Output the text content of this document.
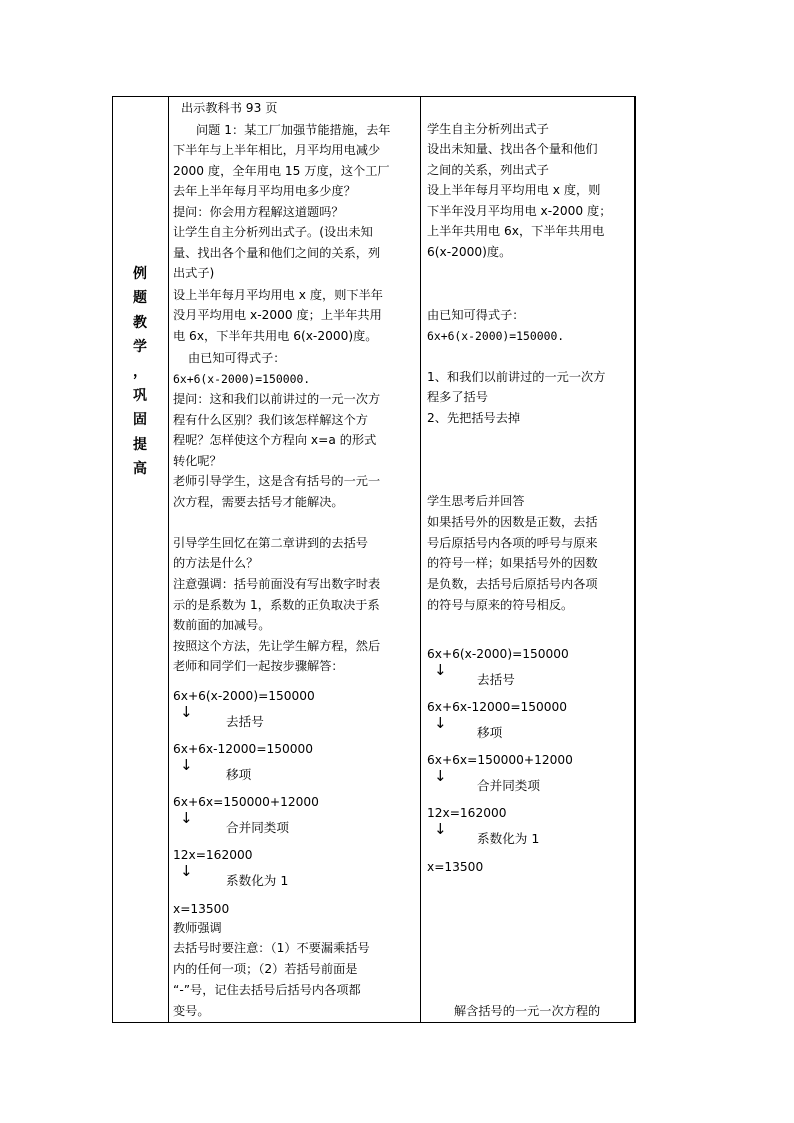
例
题
教
学
，
巩
固
提
高
出示教科书 93 页
问题 1：某工厂加强节能措施，去年
下半年与上半年相比，月平均用电减少
2000 度，全年用电 15 万度，这个工厂
去年上半年每月平均用电多少度？
提问：你会用方程解这道题吗？
让学生自主分析列出式子。(设出未知
量、找出各个量和他们之间的关系，列
出式子)
设上半年每月平均用电 x 度，则下半年
没月平均用电 x-2000 度；上半年共用
电 6x，下半年共用电 6(x-2000)度。
由已知可得式子：
6x+6(x-2000)=150000.
提问：这和我们以前讲过的一元一次方
程有什么区别？我们该怎样解这个方
程呢？怎样使这个方程向 x=a 的形式
转化呢？
老师引导学生，这是含有括号的一元一
次方程，需要去括号才能解决。
引导学生回忆在第二章讲到的去括号
的方法是什么？
注意强调：括号前面没有写出数字时表
示的是系数为 1，系数的正负取决于系
数前面的加减号。
按照这个方法，先让学生解方程，然后
老师和同学们一起按步骤解答：
6x+6(x-2000)=150000
↓
去括号
6x+6x-12000=150000
↓
移项
6x+6x=150000+12000
↓
合并同类项
12x=162000
↓
系数化为 1
x=13500
教师强调
去括号时要注意：（1）不要漏乘括号
内的任何一项；（2）若括号前面是
“-”号，记住去括号后括号内各项都
变号。
学生自主分析列出式子
设出未知量、找出各个量和他们
之间的关系，列出式子
设上半年每月平均用电 x 度，则
下半年没月平均用电 x-2000 度；
上半年共用电 6x，下半年共用电
6(x-2000)度。
由已知可得式子：
6x+6(x-2000)=150000.
1、和我们以前讲过的一元一次方
程多了括号
2、先把括号去掉
学生思考后并回答
如果括号外的因数是正数，去括
号后原括号内各项的呼号与原来
的符号一样；如果括号外的因数
是负数，去括号后原括号内各项
的符号与原来的符号相反。
6x+6(x-2000)=150000
↓
去括号
6x+6x-12000=150000
↓
移项
6x+6x=150000+12000
↓
合并同类项
12x=162000
↓
系数化为 1
x=13500
解含括号的一元一次方程的
